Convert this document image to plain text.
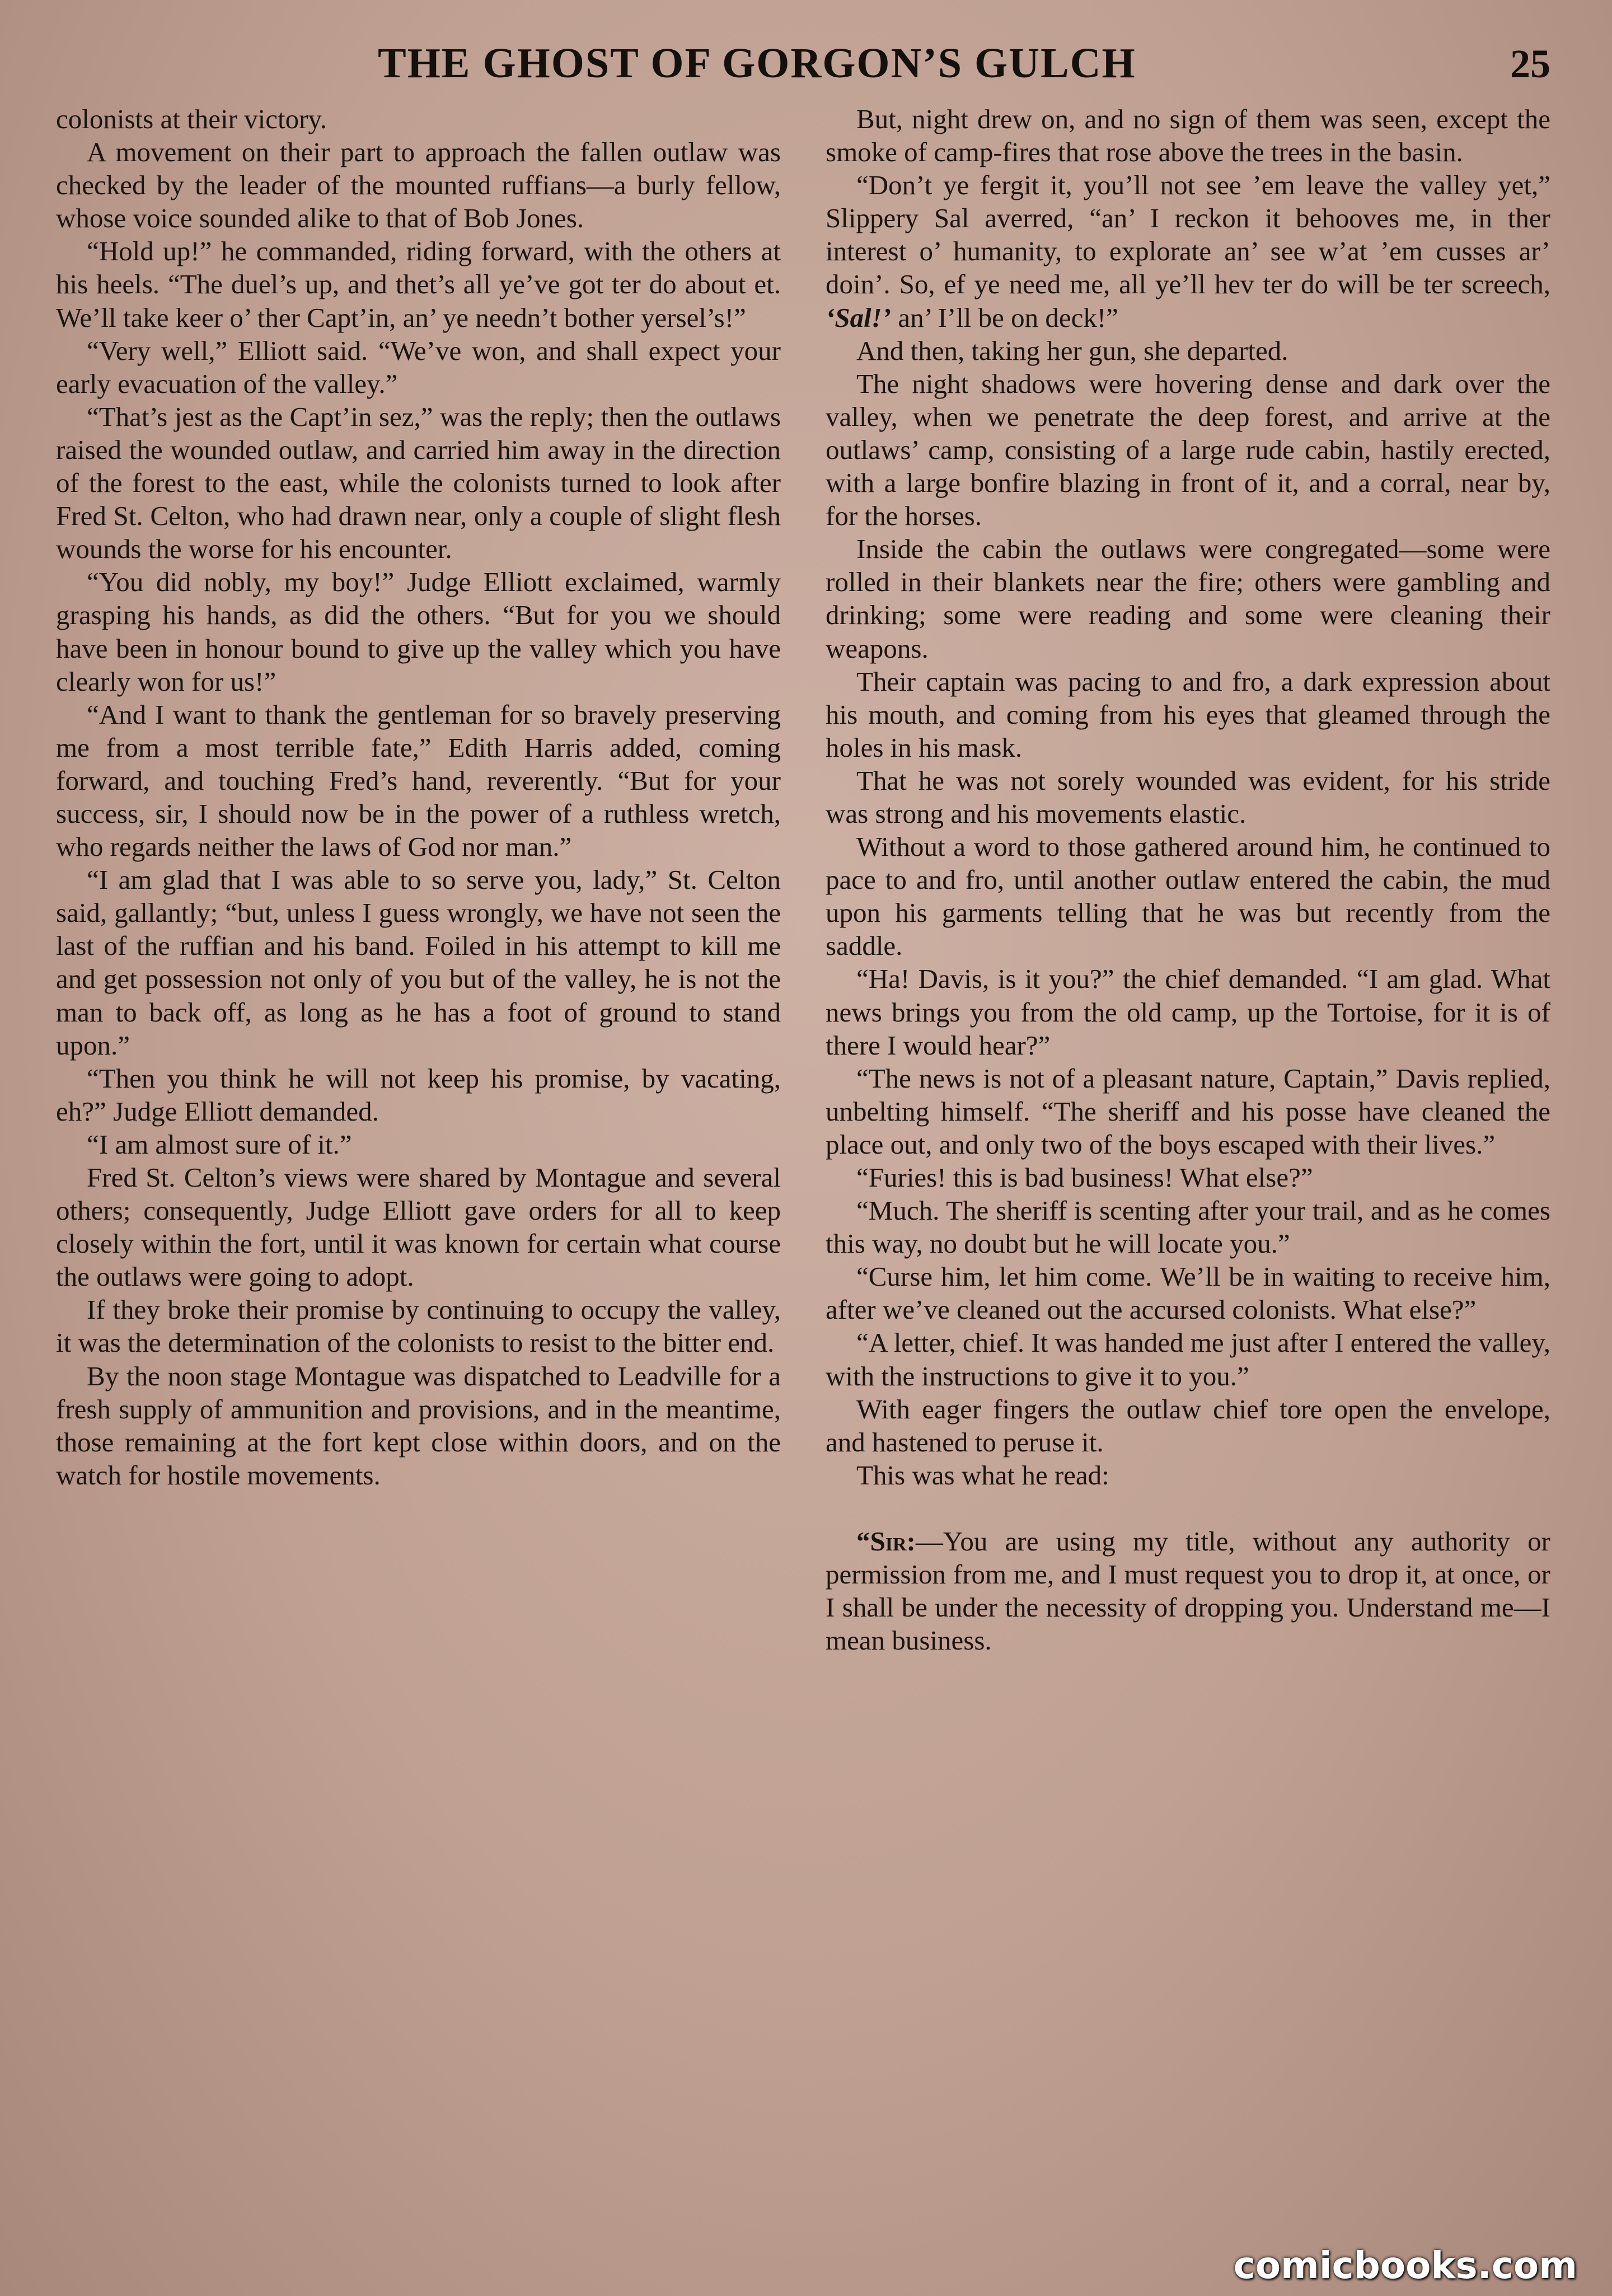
THE GHOST OF GORGON’S GULCH	25

colonists at their victory.

A movement on their part to approach the fallen outlaw was checked by the leader of the mounted ruffians—a burly fellow, whose voice sounded alike to that of Bob Jones.

“Hold up!” he commanded, riding forward, with the others at his heels. “The duel’s up, and thet’s all ye’ve got ter do about et. We’ll take keer o’ ther Capt’in, an’ ye needn’t bother yersel’s!”

“Very well,” Elliott said. “We’ve won, and shall expect your early evacuation of the valley.”

“That’s jest as the Capt’in sez,” was the reply; then the outlaws raised the wounded outlaw, and carried him away in the direction of the forest to the east, while the colonists turned to look after Fred St. Celton, who had drawn near, only a couple of slight flesh wounds the worse for his encounter.

“You did nobly, my boy!” Judge Elliott exclaimed, warmly grasping his hands, as did the others. “But for you we should have been in honour bound to give up the valley which you have clearly won for us!”

“And I want to thank the gentleman for so bravely preserving me from a most terrible fate,” Edith Harris added, coming forward, and touching Fred’s hand, reverently. “But for your success, sir, I should now be in the power of a ruthless wretch, who regards neither the laws of God nor man.”

“I am glad that I was able to so serve you, lady,” St. Celton said, gallantly; “but, unless I guess wrongly, we have not seen the last of the ruffian and his band. Foiled in his attempt to kill me and get possession not only of you but of the valley, he is not the man to back off, as long as he has a foot of ground to stand upon.”

“Then you think he will not keep his promise, by vacating, eh?” Judge Elliott demanded.

“I am almost sure of it.”

Fred St. Celton’s views were shared by Montague and several others; consequently, Judge Elliott gave orders for all to keep closely within the fort, until it was known for certain what course the outlaws were going to adopt.

If they broke their promise by continuing to occupy the valley, it was the determination of the colonists to resist to the bitter end.

By the noon stage Montague was dispatched to Leadville for a fresh supply of ammunition and provisions, and in the meantime, those remaining at the fort kept close within doors, and on the watch for hostile movements.

But, night drew on, and no sign of them was seen, except the smoke of camp-fires that rose above the trees in the basin.

“Don’t ye fergit it, you’ll not see ’em leave the valley yet,” Slippery Sal averred, “an’ I reckon it behooves me, in ther interest o’ humanity, to explorate an’ see w’at ’em cusses ar’ doin’. So, ef ye need me, all ye’ll hev ter do will be ter screech, ‘Sal!’ an’ I’ll be on deck!”

And then, taking her gun, she departed.

The night shadows were hovering dense and dark over the valley, when we penetrate the deep forest, and arrive at the outlaws’ camp, consisting of a large rude cabin, hastily erected, with a large bonfire blazing in front of it, and a corral, near by, for the horses.

Inside the cabin the outlaws were congregated—some were rolled in their blankets near the fire; others were gambling and drinking; some were reading and some were cleaning their weapons.

Their captain was pacing to and fro, a dark expression about his mouth, and coming from his eyes that gleamed through the holes in his mask.

That he was not sorely wounded was evident, for his stride was strong and his movements elastic.

Without a word to those gathered around him, he continued to pace to and fro, until another outlaw entered the cabin, the mud upon his garments telling that he was but recently from the saddle.

“Ha! Davis, is it you?” the chief demanded. “I am glad. What news brings you from the old camp, up the Tortoise, for it is of there I would hear?”

“The news is not of a pleasant nature, Captain,” Davis replied, unbelting himself. “The sheriff and his posse have cleaned the place out, and only two of the boys escaped with their lives.”

“Furies! this is bad business! What else?”

“Much. The sheriff is scenting after your trail, and as he comes this way, no doubt but he will locate you.”

“Curse him, let him come. We’ll be in waiting to receive him, after we’ve cleaned out the accursed colonists. What else?”

“A letter, chief. It was handed me just after I entered the valley, with the instructions to give it to you.”

With eager fingers the outlaw chief tore open the envelope, and hastened to peruse it.

This was what he read:

“Sir:—You are using my title, without any authority or permission from me, and I must request you to drop it, at once, or I shall be under the necessity of dropping you. Understand me—I mean business.

comicbooks.com
